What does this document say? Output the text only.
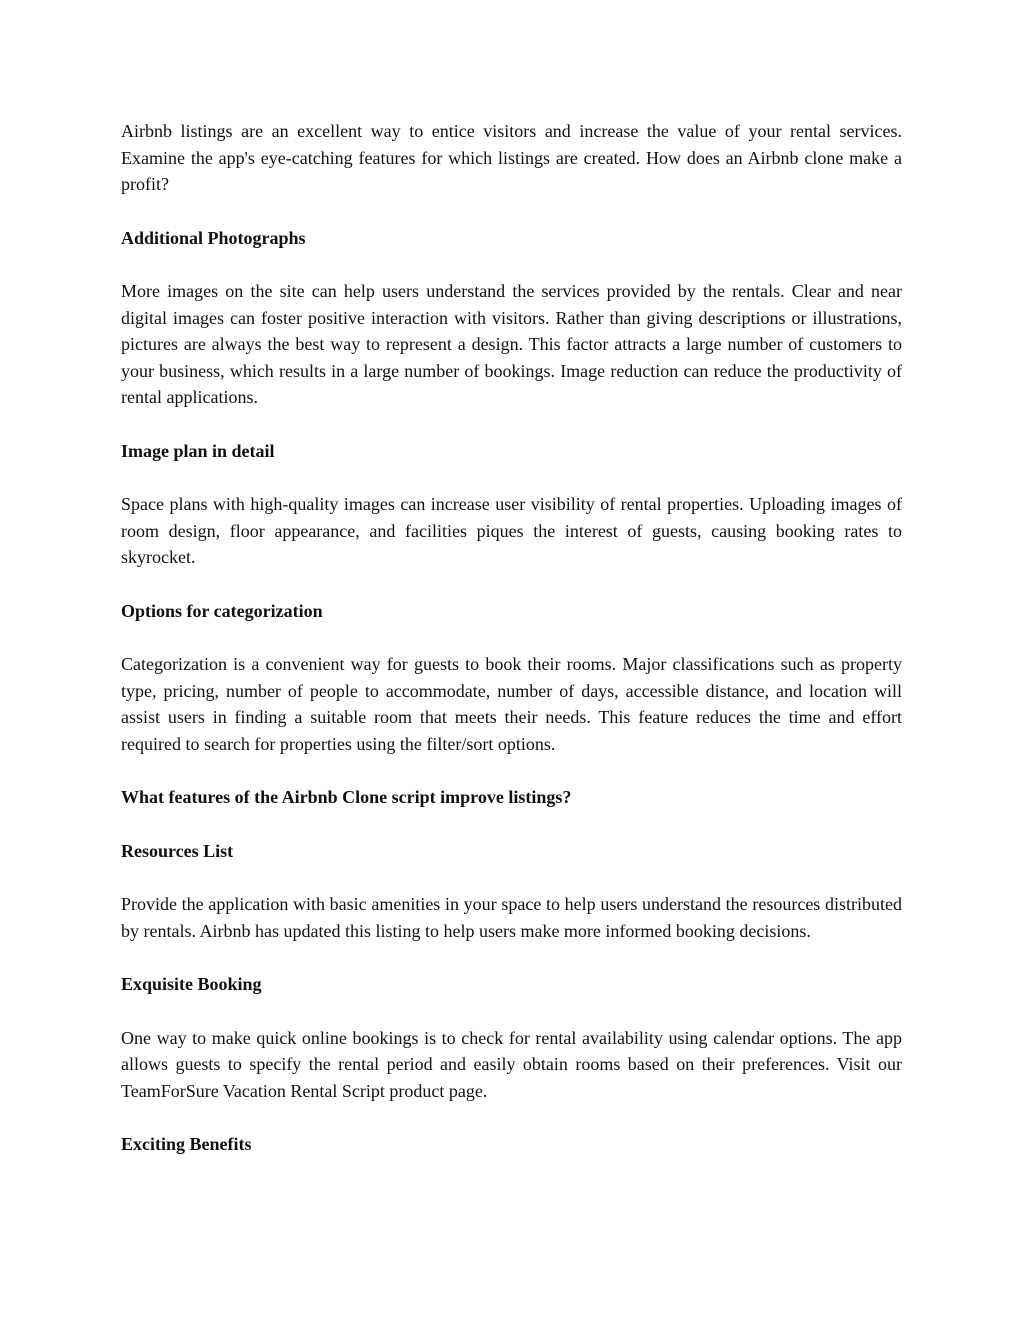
Airbnb listings are an excellent way to entice visitors and increase the value of your rental services. Examine the app's eye-catching features for which listings are created. How does an Airbnb clone make a profit?

Additional Photographs

More images on the site can help users understand the services provided by the rentals. Clear and near digital images can foster positive interaction with visitors. Rather than giving descriptions or illustrations, pictures are always the best way to represent a design. This factor attracts a large number of customers to your business, which results in a large number of bookings. Image reduction can reduce the productivity of rental applications.

Image plan in detail

Space plans with high-quality images can increase user visibility of rental properties. Uploading images of room design, floor appearance, and facilities piques the interest of guests, causing booking rates to skyrocket.

Options for categorization

Categorization is a convenient way for guests to book their rooms. Major classifications such as property type, pricing, number of people to accommodate, number of days, accessible distance, and location will assist users in finding a suitable room that meets their needs. This feature reduces the time and effort required to search for properties using the filter/sort options.

What features of the Airbnb Clone script improve listings?

Resources List

Provide the application with basic amenities in your space to help users understand the resources distributed by rentals. Airbnb has updated this listing to help users make more informed booking decisions.

Exquisite Booking

One way to make quick online bookings is to check for rental availability using calendar options. The app allows guests to specify the rental period and easily obtain rooms based on their preferences. Visit our TeamForSure Vacation Rental Script product page.

Exciting Benefits
